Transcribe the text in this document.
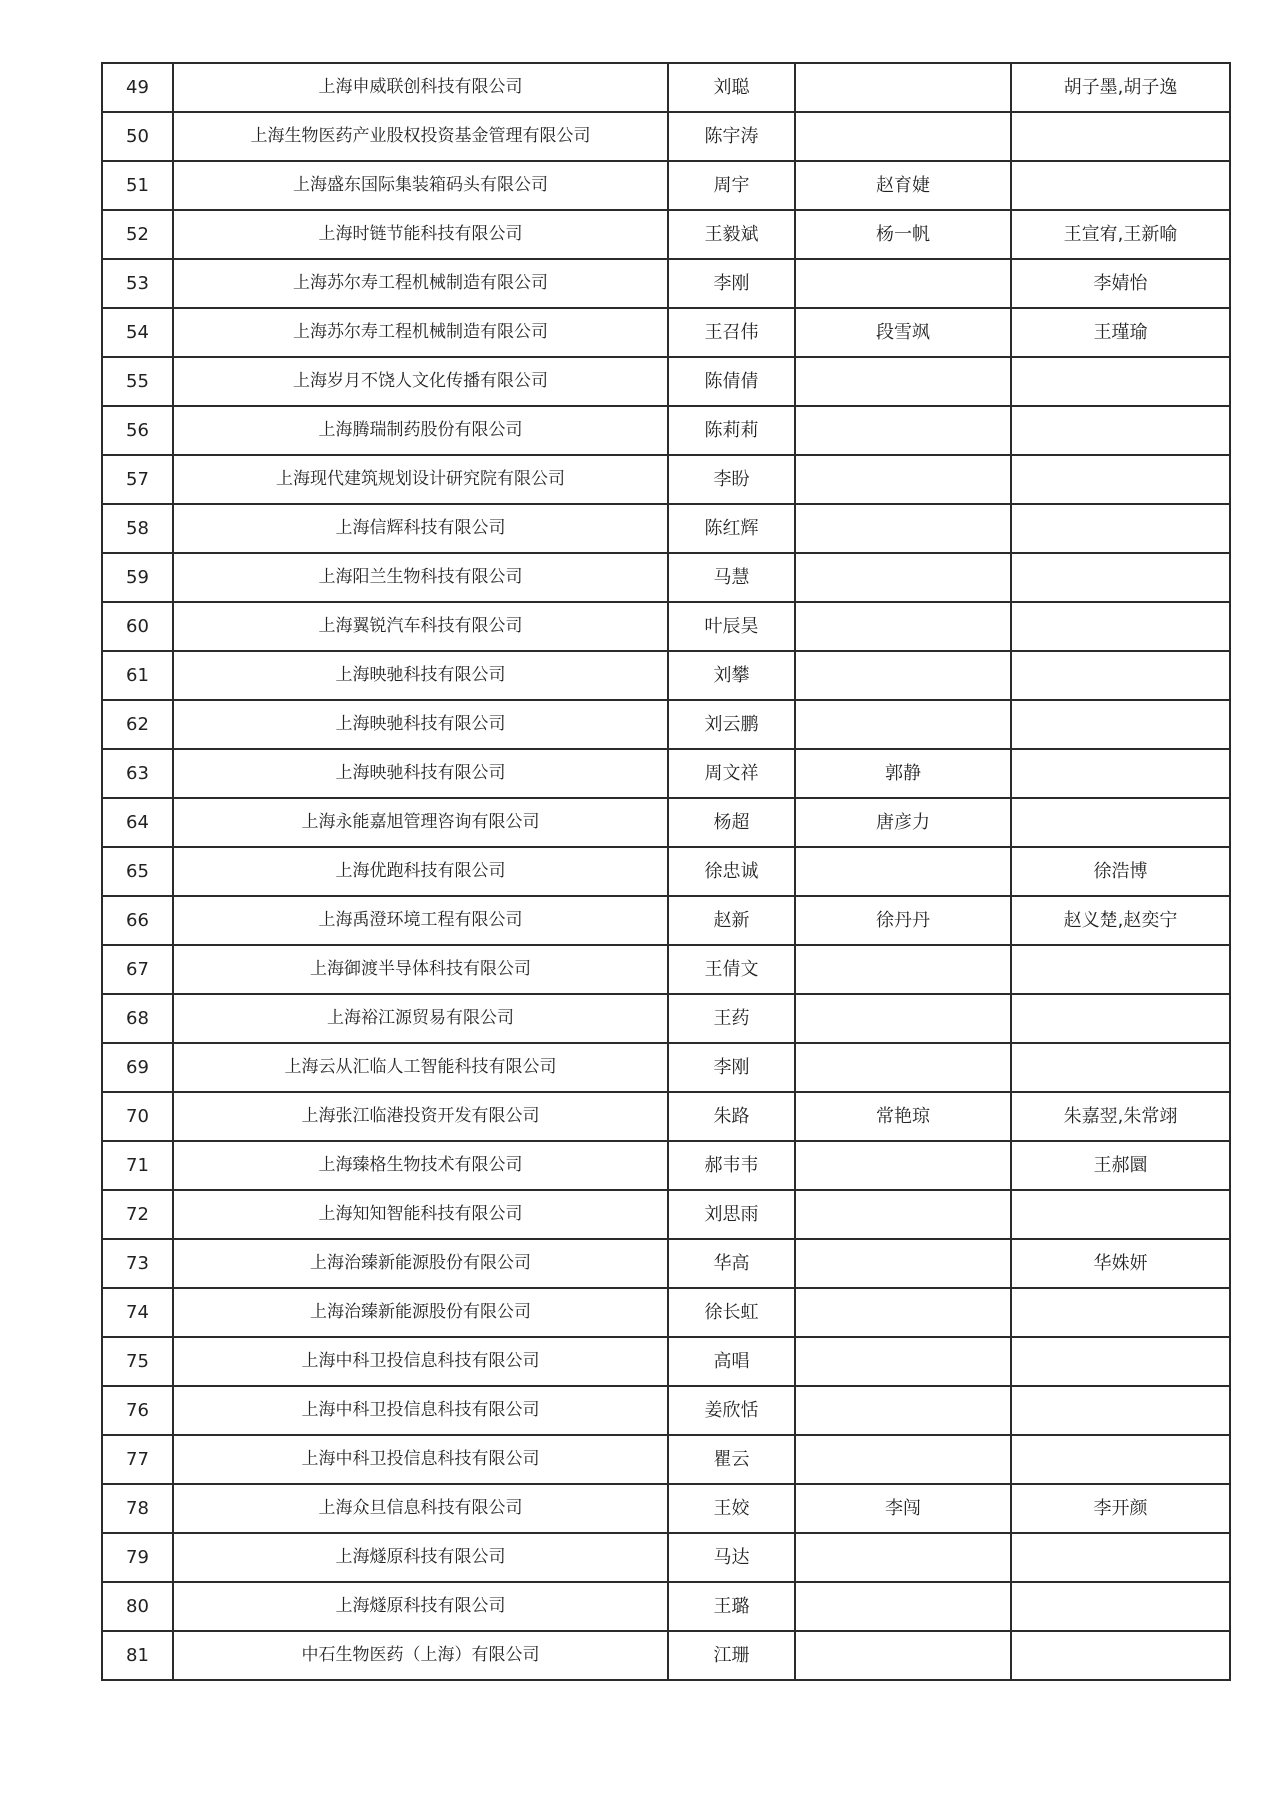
49	上海申威联创科技有限公司	刘聪		胡子墨,胡子逸
50	上海生物医药产业股权投资基金管理有限公司	陈宇涛		
51	上海盛东国际集装箱码头有限公司	周宇	赵育婕	
52	上海时链节能科技有限公司	王毅斌	杨一帆	王宣宥,王新喻
53	上海苏尔寿工程机械制造有限公司	李刚		李婧怡
54	上海苏尔寿工程机械制造有限公司	王召伟	段雪飒	王瑾瑜
55	上海岁月不饶人文化传播有限公司	陈倩倩		
56	上海腾瑞制药股份有限公司	陈莉莉		
57	上海现代建筑规划设计研究院有限公司	李盼		
58	上海信辉科技有限公司	陈红辉		
59	上海阳兰生物科技有限公司	马慧		
60	上海翼锐汽车科技有限公司	叶辰昊		
61	上海映驰科技有限公司	刘攀		
62	上海映驰科技有限公司	刘云鹏		
63	上海映驰科技有限公司	周文祥	郭静	
64	上海永能嘉旭管理咨询有限公司	杨超	唐彦力	
65	上海优跑科技有限公司	徐忠诚		徐浩博
66	上海禹澄环境工程有限公司	赵新	徐丹丹	赵义楚,赵奕宁
67	上海御渡半导体科技有限公司	王倩文		
68	上海裕江源贸易有限公司	王药		
69	上海云从汇临人工智能科技有限公司	李刚		
70	上海张江临港投资开发有限公司	朱路	常艳琼	朱嘉翌,朱常翊
71	上海臻格生物技术有限公司	郝韦韦		王郝圜
72	上海知知智能科技有限公司	刘思雨		
73	上海治臻新能源股份有限公司	华高		华姝妍
74	上海治臻新能源股份有限公司	徐长虹		
75	上海中科卫投信息科技有限公司	高唱		
76	上海中科卫投信息科技有限公司	姜欣恬		
77	上海中科卫投信息科技有限公司	瞿云		
78	上海众旦信息科技有限公司	王姣	李闯	李开颜
79	上海燧原科技有限公司	马达		
80	上海燧原科技有限公司	王璐		
81	中石生物医药（上海）有限公司	江珊		
